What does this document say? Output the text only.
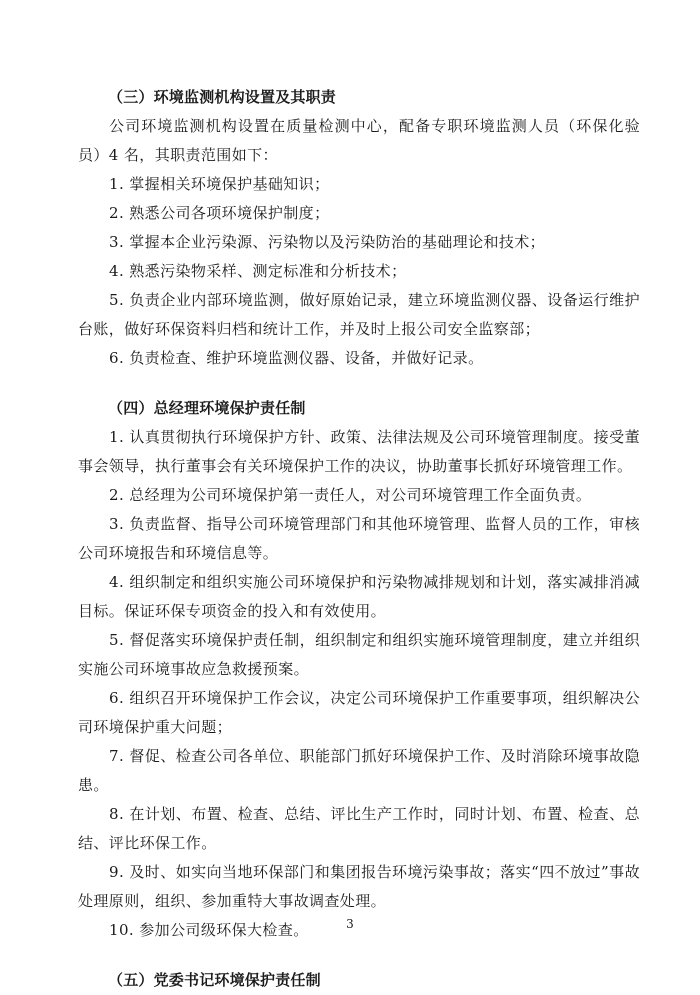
（三）环境监测机构设置及其职责

公司环境监测机构设置在质量检测中心，配备专职环境监测人员（环保化验员）4 名，其职责范围如下：

1. 掌握相关环境保护基础知识；

2. 熟悉公司各项环境保护制度；

3. 掌握本企业污染源、污染物以及污染防治的基础理论和技术；

4. 熟悉污染物采样、测定标准和分析技术；

5. 负责企业内部环境监测，做好原始记录，建立环境监测仪器、设备运行维护台账，做好环保资料归档和统计工作，并及时上报公司安全监察部；

6. 负责检查、维护环境监测仪器、设备，并做好记录。

（四）总经理环境保护责任制

1. 认真贯彻执行环境保护方针、政策、法律法规及公司环境管理制度。接受董事会领导，执行董事会有关环境保护工作的决议，协助董事长抓好环境管理工作。

2. 总经理为公司环境保护第一责任人，对公司环境管理工作全面负责。

3. 负责监督、指导公司环境管理部门和其他环境管理、监督人员的工作，审核公司环境报告和环境信息等。

4. 组织制定和组织实施公司环境保护和污染物减排规划和计划，落实减排消减目标。保证环保专项资金的投入和有效使用。

5. 督促落实环境保护责任制，组织制定和组织实施环境管理制度，建立并组织实施公司环境事故应急救援预案。

6. 组织召开环境保护工作会议，决定公司环境保护工作重要事项，组织解决公司环境保护重大问题；

7. 督促、检查公司各单位、职能部门抓好环境保护工作、及时消除环境事故隐患。

8. 在计划、布置、检查、总结、评比生产工作时，同时计划、布置、检查、总结、评比环保工作。

9. 及时、如实向当地环保部门和集团报告环境污染事故；落实“四不放过”事故处理原则，组织、参加重特大事故调查处理。

10. 参加公司级环保大检查。

（五）党委书记环境保护责任制
3
